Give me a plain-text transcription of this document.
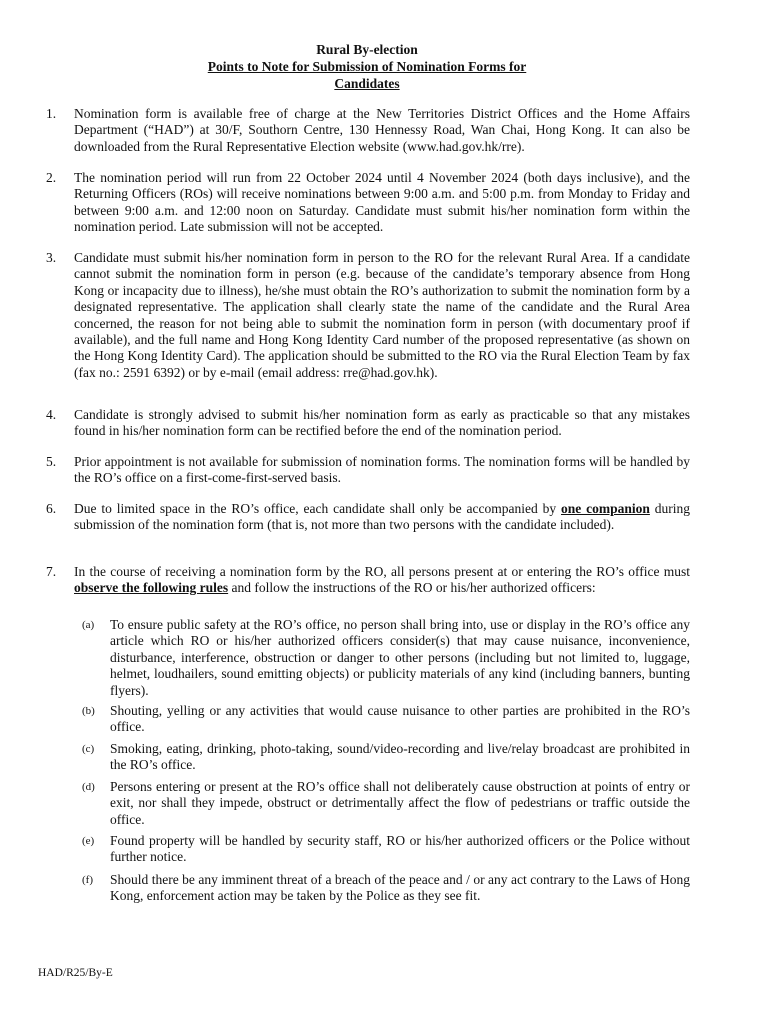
Rural By-election
Points to Note for Submission of Nomination Forms for
Candidates
1. Nomination form is available free of charge at the New Territories District Offices and the Home Affairs Department (“HAD”) at 30/F, Southorn Centre, 130 Hennessy Road, Wan Chai, Hong Kong. It can also be downloaded from the Rural Representative Election website (www.had.gov.hk/rre).
2. The nomination period will run from 22 October 2024 until 4 November 2024 (both days inclusive), and the Returning Officers (ROs) will receive nominations between 9:00 a.m. and 5:00 p.m. from Monday to Friday and between 9:00 a.m. and 12:00 noon on Saturday. Candidate must submit his/her nomination form within the nomination period. Late submission will not be accepted.
3. Candidate must submit his/her nomination form in person to the RO for the relevant Rural Area. If a candidate cannot submit the nomination form in person (e.g. because of the candidate’s temporary absence from Hong Kong or incapacity due to illness), he/she must obtain the RO’s authorization to submit the nomination form by a designated representative. The application shall clearly state the name of the candidate and the Rural Area concerned, the reason for not being able to submit the nomination form in person (with documentary proof if available), and the full name and Hong Kong Identity Card number of the proposed representative (as shown on the Hong Kong Identity Card). The application should be submitted to the RO via the Rural Election Team by fax (fax no.: 2591 6392) or by e-mail (email address: rre@had.gov.hk).
4. Candidate is strongly advised to submit his/her nomination form as early as practicable so that any mistakes found in his/her nomination form can be rectified before the end of the nomination period.
5. Prior appointment is not available for submission of nomination forms. The nomination forms will be handled by the RO’s office on a first-come-first-served basis.
6. Due to limited space in the RO’s office, each candidate shall only be accompanied by one companion during submission of the nomination form (that is, not more than two persons with the candidate included).
7. In the course of receiving a nomination form by the RO, all persons present at or entering the RO’s office must observe the following rules and follow the instructions of the RO or his/her authorized officers:
(a) To ensure public safety at the RO’s office, no person shall bring into, use or display in the RO’s office any article which RO or his/her authorized officers consider(s) that may cause nuisance, inconvenience, disturbance, interference, obstruction or danger to other persons (including but not limited to, luggage, helmet, loudhailers, sound emitting objects) or publicity materials of any kind (including banners, bunting flyers).
(b) Shouting, yelling or any activities that would cause nuisance to other parties are prohibited in the RO’s office.
(c) Smoking, eating, drinking, photo-taking, sound/video-recording and live/relay broadcast are prohibited in the RO’s office.
(d) Persons entering or present at the RO’s office shall not deliberately cause obstruction at points of entry or exit, nor shall they impede, obstruct or detrimentally affect the flow of pedestrians or traffic outside the office.
(e) Found property will be handled by security staff, RO or his/her authorized officers or the Police without further notice.
(f) Should there be any imminent threat of a breach of the peace and / or any act contrary to the Laws of Hong Kong, enforcement action may be taken by the Police as they see fit.
HAD/R25/By-E
